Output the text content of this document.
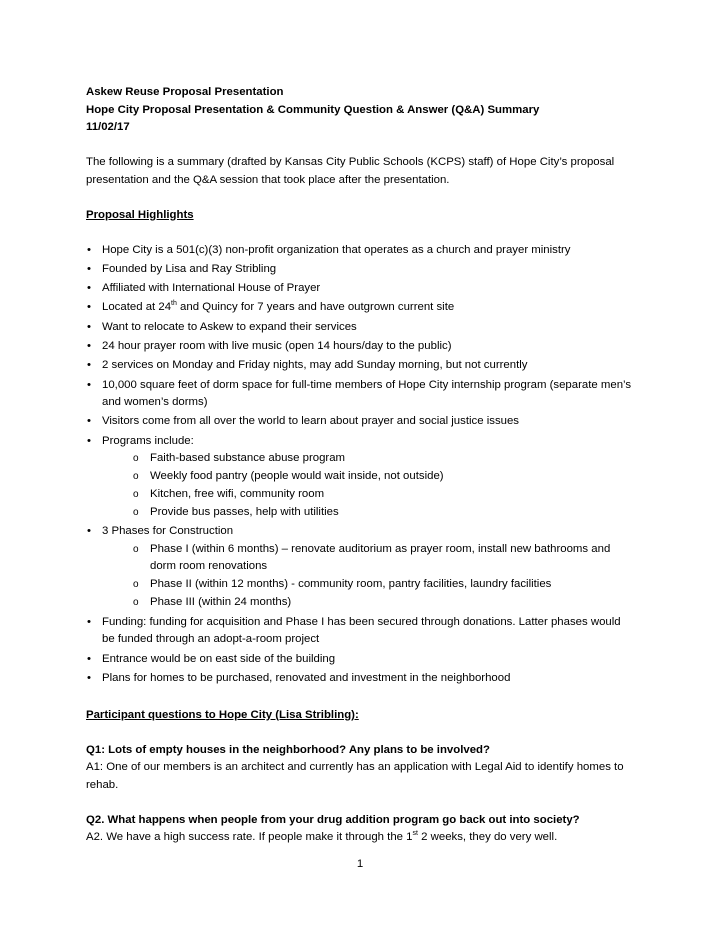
Askew Reuse Proposal Presentation

Hope City Proposal Presentation & Community Question & Answer (Q&A) Summary

11/02/17

The following is a summary (drafted by Kansas City Public Schools (KCPS) staff) of Hope City’s proposal presentation and the Q&A session that took place after the presentation.

Proposal Highlights

• Hope City is a 501(c)(3) non-profit organization that operates as a church and prayer ministry
• Founded by Lisa and Ray Stribling
• Affiliated with International House of Prayer
• Located at 24th and Quincy for 7 years and have outgrown current site
• Want to relocate to Askew to expand their services
• 24 hour prayer room with live music (open 14 hours/day to the public)
• 2 services on Monday and Friday nights, may add Sunday morning, but not currently
• 10,000 square feet of dorm space for full-time members of Hope City internship program (separate men’s and women’s dorms)
• Visitors come from all over the world to learn about prayer and social justice issues
• Programs include:
o Faith-based substance abuse program
o Weekly food pantry (people would wait inside, not outside)
o Kitchen, free wifi, community room
o Provide bus passes, help with utilities
• 3 Phases for Construction
o Phase I (within 6 months) – renovate auditorium as prayer room, install new bathrooms and dorm room renovations
o Phase II (within 12 months) - community room, pantry facilities, laundry facilities
o Phase III (within 24 months)
• Funding: funding for acquisition and Phase I has been secured through donations. Latter phases would be funded through an adopt-a-room project
• Entrance would be on east side of the building
• Plans for homes to be purchased, renovated and investment in the neighborhood

Participant questions to Hope City (Lisa Stribling):

Q1: Lots of empty houses in the neighborhood? Any plans to be involved?

A1: One of our members is an architect and currently has an application with Legal Aid to identify homes to rehab.

Q2. What happens when people from your drug addition program go back out into society?

A2. We have a high success rate. If people make it through the 1st 2 weeks, they do very well.

1
